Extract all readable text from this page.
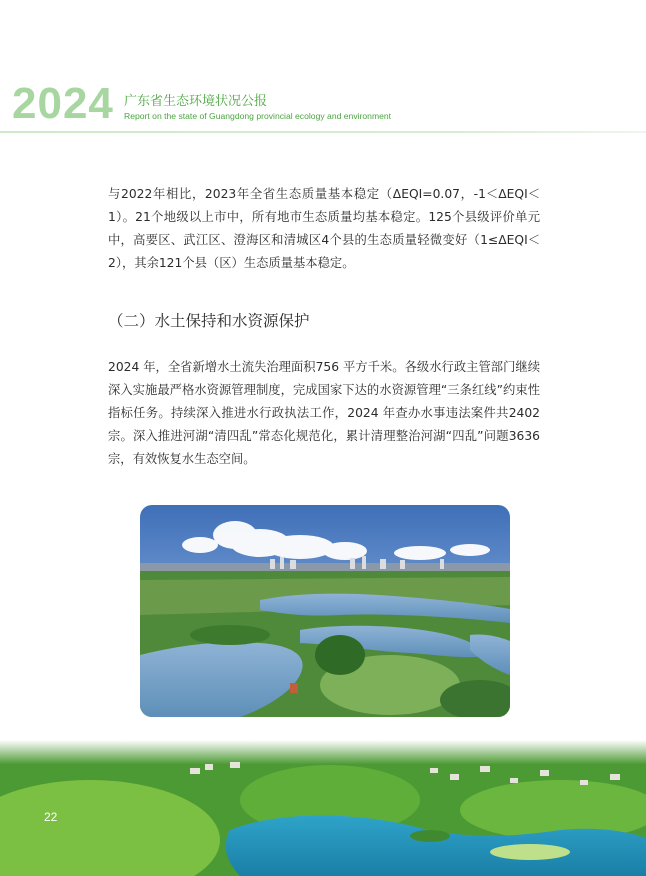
2024 广东省生态环境状况公报
Report on the state of Guangdong provincial ecology and environment

与2022年相比，2023年全省生态质量基本稳定（ΔEQI=0.07，-1＜ΔEQI＜1）。21个地级以上市中，所有地市生态质量均基本稳定。125个县级评价单元中，高要区、武江区、澄海区和清城区4个县的生态质量轻微变好（1≤ΔEQI＜2），其余121个县（区）生态质量基本稳定。

（二）水土保持和水资源保护

2024 年，全省新增水土流失治理面积756 平方千米。各级水行政主管部门继续深入实施最严格水资源管理制度，完成国家下达的水资源管理“三条红线”约束性指标任务。持续深入推进水行政执法工作，2024 年查办水事违法案件共2402 宗。深入推进河湖“清四乱”常态化规范化，累计清理整治河湖“四乱”问题3636 宗，有效恢复水生态空间。

22
